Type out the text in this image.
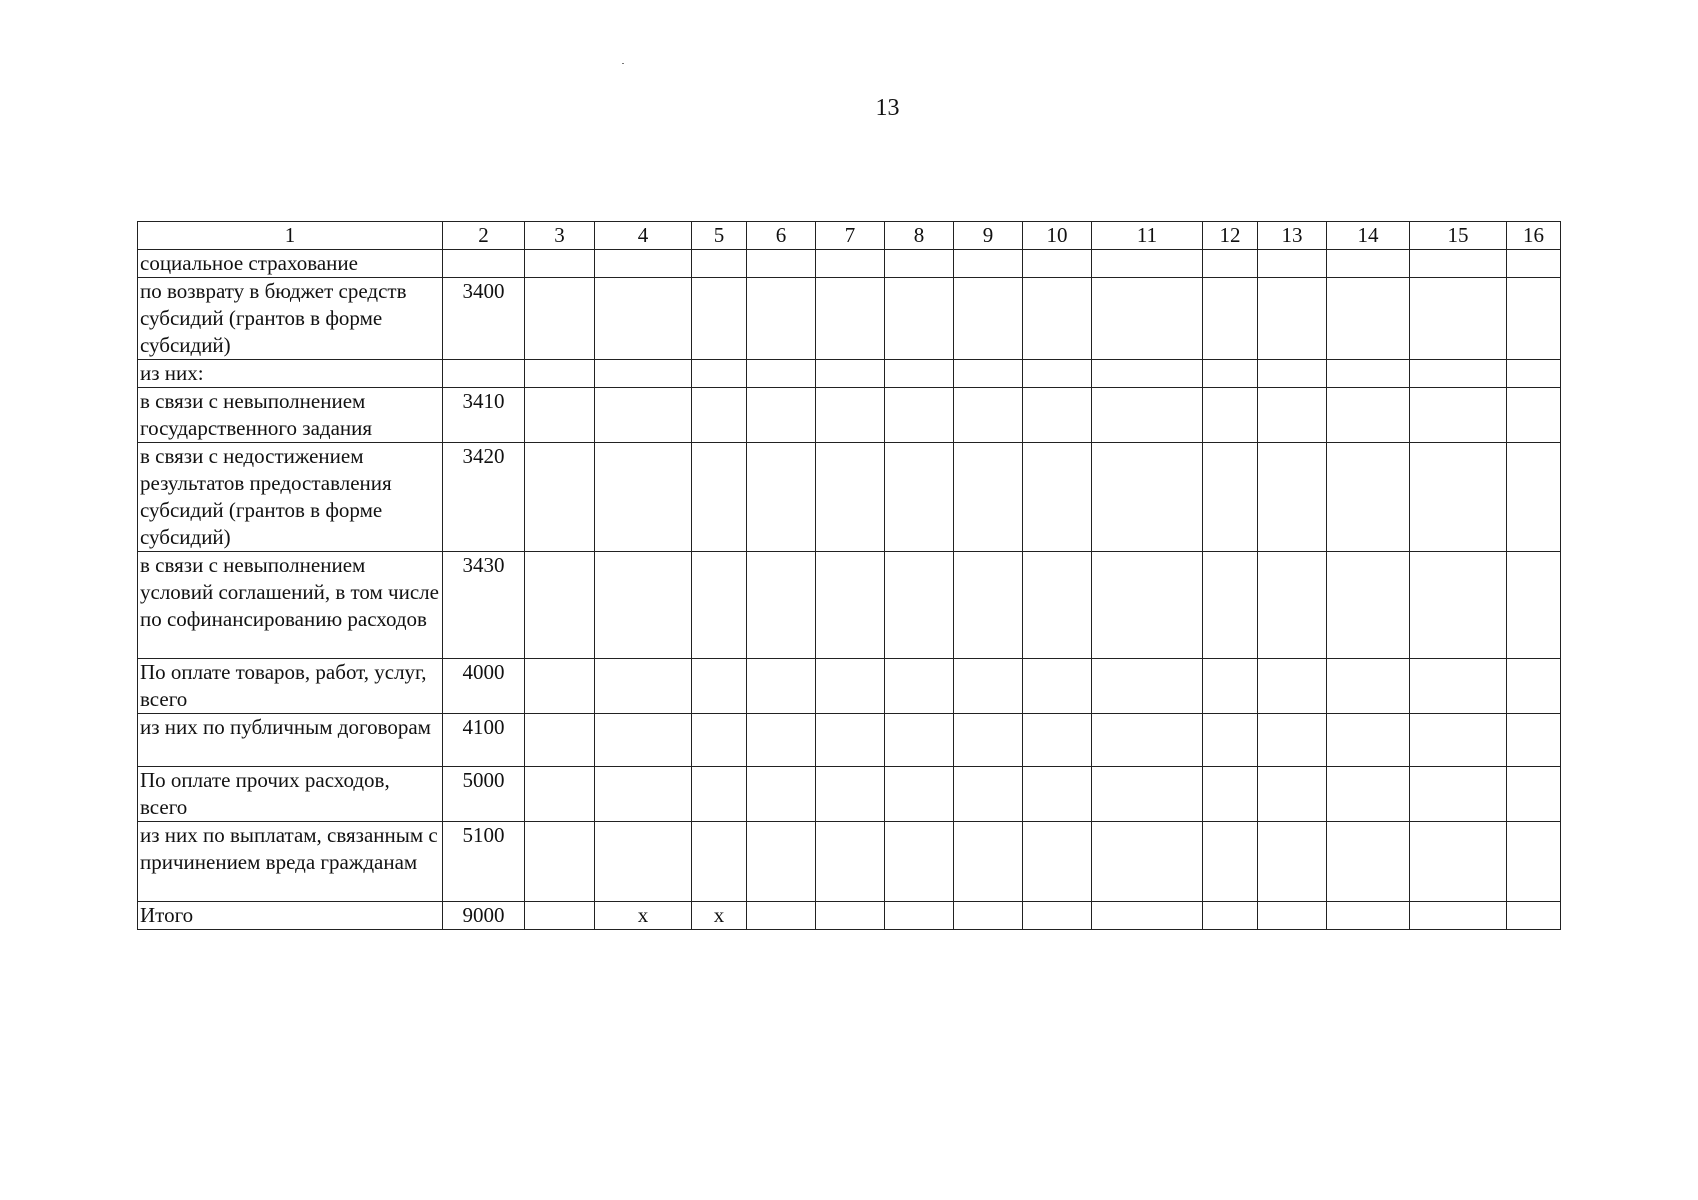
13
1	2	3	4	5	6	7	8	9	10	11	12	13	14	15	16
социальное страхование															
по возврату в бюджет средств субсидий (грантов в форме субсидий)	3400														
из них:															
в связи с невыполнением государственного задания	3410														
в связи с недостижением результатов предоставления субсидий (грантов в форме субсидий)	3420														
в связи с невыполнением условий соглашений, в том числе по софинансированию расходов	3430														
По оплате товаров, работ, услуг, всего	4000														
из них по публичным договорам	4100														
По оплате прочих расходов, всего	5000														
из них по выплатам, связанным с причинением вреда гражданам	5100														
Итого	9000		x	x											
